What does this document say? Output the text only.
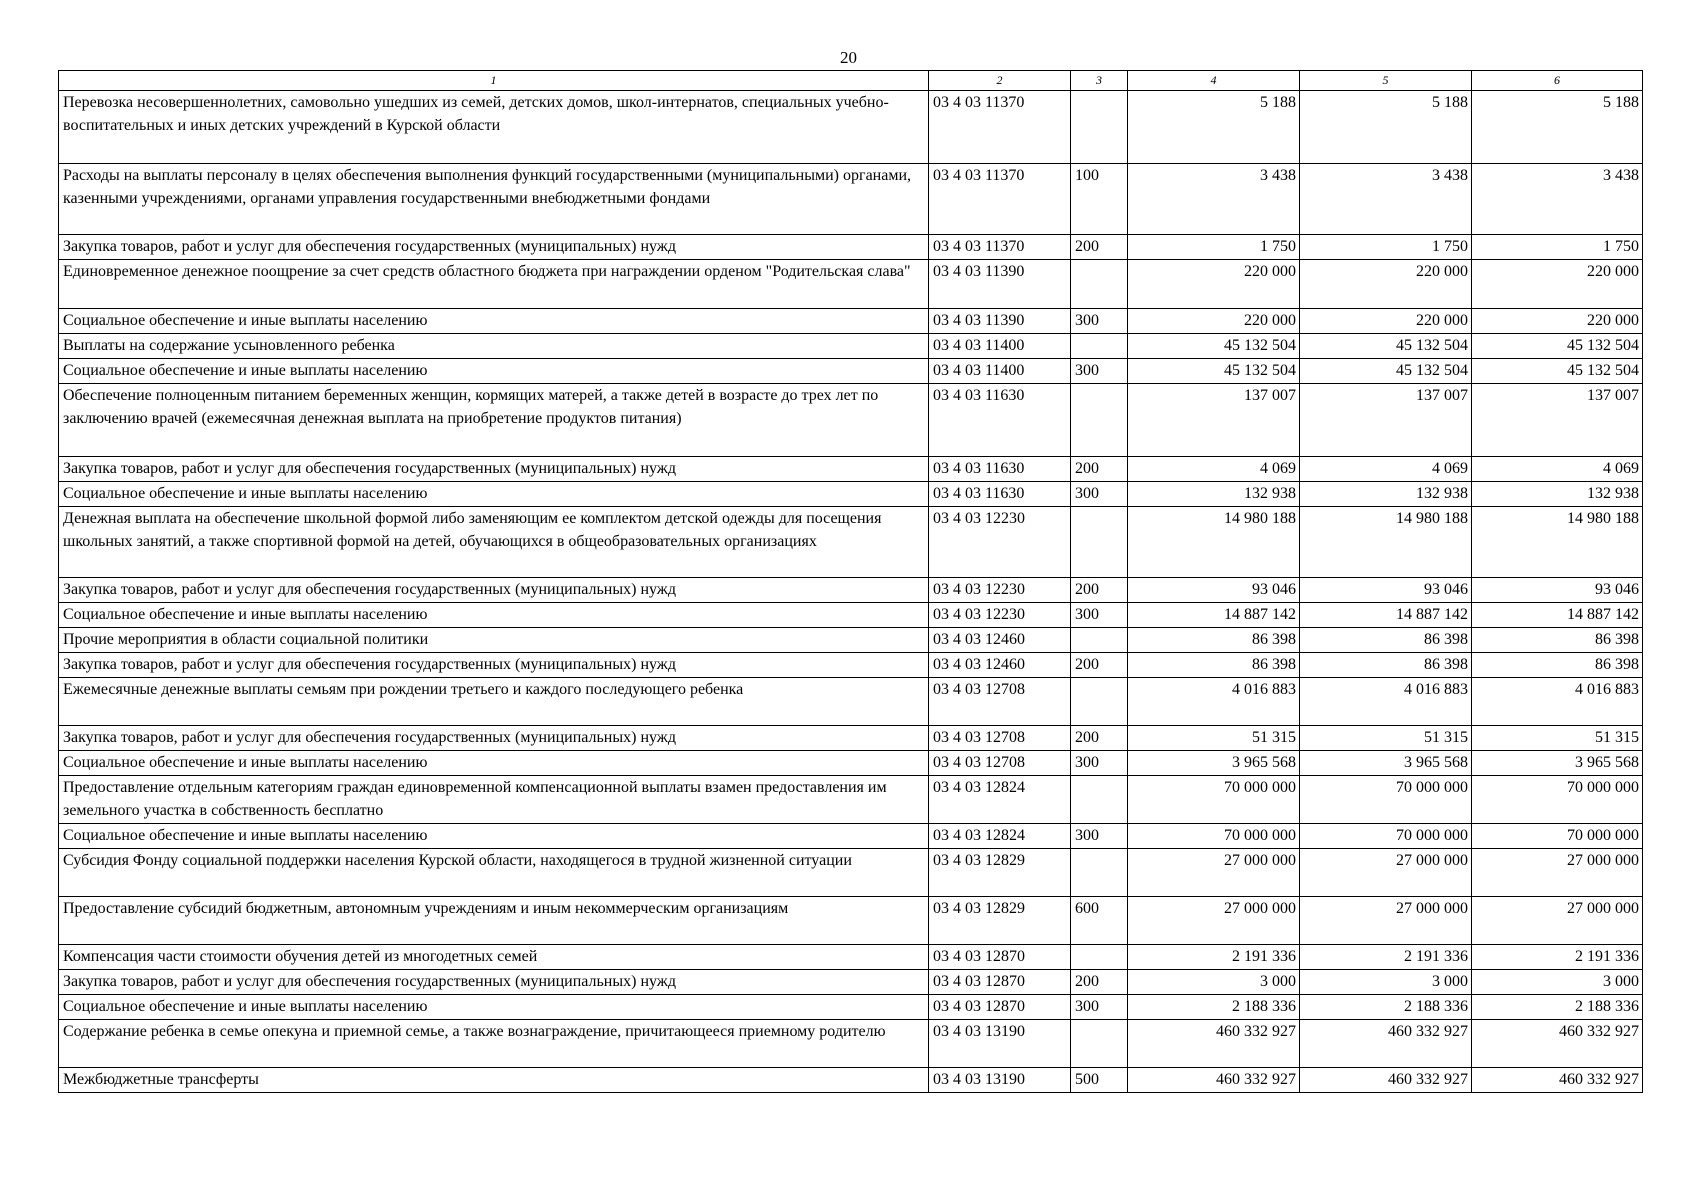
20
1	2	3	4	5	6
Перевозка несовершеннолетних, самовольно ушедших из семей, детских домов, школ-интернатов, специальных учебно-воспитательных и иных детских учреждений в Курской области	03 4 03 11370		5 188	5 188	5 188
Расходы на выплаты персоналу в целях обеспечения выполнения функций государственными (муниципальными) органами, казенными учреждениями, органами управления государственными внебюджетными фондами	03 4 03 11370	100	3 438	3 438	3 438
Закупка товаров, работ и услуг для обеспечения государственных (муниципальных) нужд	03 4 03 11370	200	1 750	1 750	1 750
Единовременное денежное поощрение за счет средств областного бюджета при награждении орденом "Родительская слава"	03 4 03 11390		220 000	220 000	220 000
Социальное обеспечение и иные выплаты населению	03 4 03 11390	300	220 000	220 000	220 000
Выплаты на содержание усыновленного ребенка	03 4 03 11400		45 132 504	45 132 504	45 132 504
Социальное обеспечение и иные выплаты населению	03 4 03 11400	300	45 132 504	45 132 504	45 132 504
Обеспечение полноценным питанием беременных женщин, кормящих матерей, а также детей в возрасте до трех лет по заключению врачей (ежемесячная денежная выплата на приобретение продуктов питания)	03 4 03 11630		137 007	137 007	137 007
Закупка товаров, работ и услуг для обеспечения государственных (муниципальных) нужд	03 4 03 11630	200	4 069	4 069	4 069
Социальное обеспечение и иные выплаты населению	03 4 03 11630	300	132 938	132 938	132 938
Денежная выплата на обеспечение школьной формой либо заменяющим ее комплектом детской одежды для посещения школьных занятий, а также спортивной формой на детей, обучающихся в общеобразовательных организациях	03 4 03 12230		14 980 188	14 980 188	14 980 188
Закупка товаров, работ и услуг для обеспечения государственных (муниципальных) нужд	03 4 03 12230	200	93 046	93 046	93 046
Социальное обеспечение и иные выплаты населению	03 4 03 12230	300	14 887 142	14 887 142	14 887 142
Прочие мероприятия в области социальной политики	03 4 03 12460		86 398	86 398	86 398
Закупка товаров, работ и услуг для обеспечения государственных (муниципальных) нужд	03 4 03 12460	200	86 398	86 398	86 398
Ежемесячные денежные выплаты семьям при рождении третьего и каждого последующего ребенка	03 4 03 12708		4 016 883	4 016 883	4 016 883
Закупка товаров, работ и услуг для обеспечения государственных (муниципальных) нужд	03 4 03 12708	200	51 315	51 315	51 315
Социальное обеспечение и иные выплаты населению	03 4 03 12708	300	3 965 568	3 965 568	3 965 568
Предоставление отдельным категориям граждан единовременной компенсационной выплаты взамен предоставления им земельного участка в собственность бесплатно	03 4 03 12824		70 000 000	70 000 000	70 000 000
Социальное обеспечение и иные выплаты населению	03 4 03 12824	300	70 000 000	70 000 000	70 000 000
Субсидия Фонду социальной поддержки населения Курской области, находящегося в трудной жизненной ситуации	03 4 03 12829		27 000 000	27 000 000	27 000 000
Предоставление субсидий бюджетным, автономным учреждениям и иным некоммерческим организациям	03 4 03 12829	600	27 000 000	27 000 000	27 000 000
Компенсация части стоимости обучения детей из многодетных семей	03 4 03 12870		2 191 336	2 191 336	2 191 336
Закупка товаров, работ и услуг для обеспечения государственных (муниципальных) нужд	03 4 03 12870	200	3 000	3 000	3 000
Социальное обеспечение и иные выплаты населению	03 4 03 12870	300	2 188 336	2 188 336	2 188 336
Содержание ребенка в семье опекуна и приемной семье, а также вознаграждение, причитающееся приемному родителю	03 4 03 13190		460 332 927	460 332 927	460 332 927
Межбюджетные трансферты	03 4 03 13190	500	460 332 927	460 332 927	460 332 927
